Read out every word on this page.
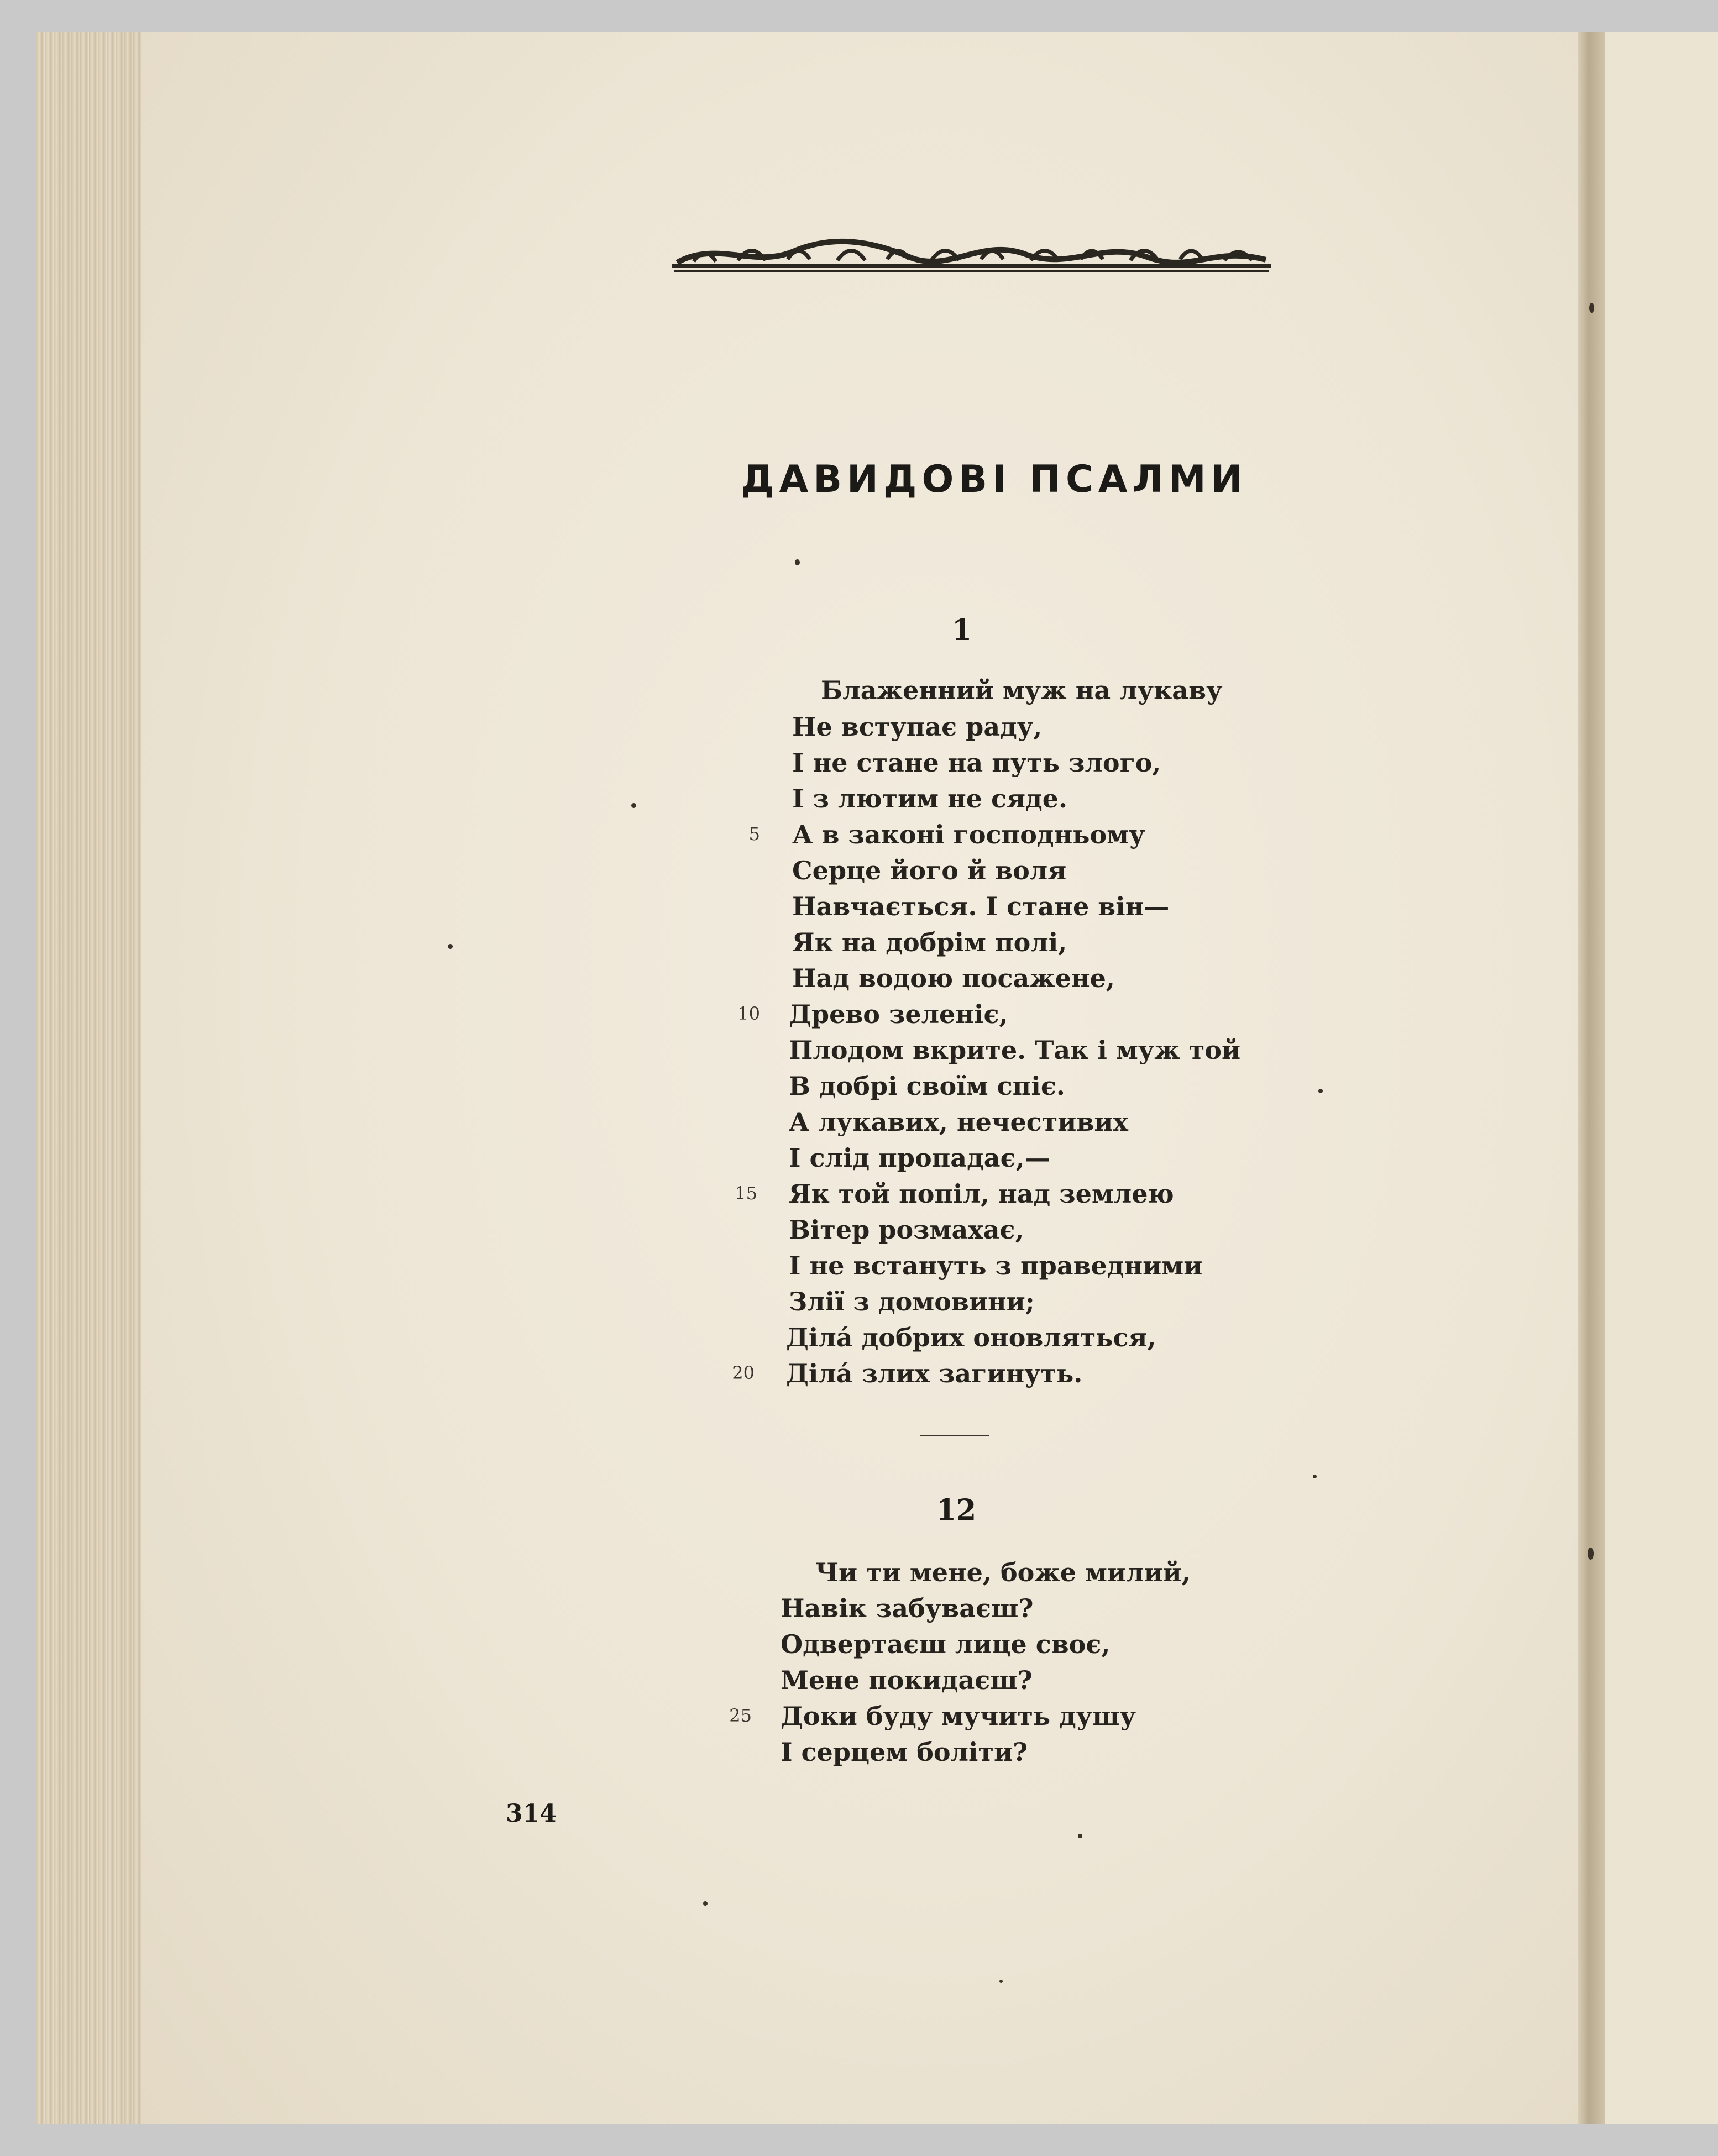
ДАВИДОВІ ПСАЛМИ
1
Блаженний муж на лукаву
Не вступає раду,
І не стане на путь злого,
І з лютим не сяде.
А в законі господньому
Серце його й воля
Навчається. І стане він—
Як на добрім полі,
Над водою посажене,
Древо зеленіє,
Плодом вкрите. Так і муж той
В добрі своїм спіє.
А лукавих, нечестивих
І слід пропадає,—
Як той попіл, над землею
Вітер розмахає,
І не встануть з праведними
Злії з домовини;
Ділá добрих оновляться,
Ділá злих загинуть.
5
10
15
20
12
Чи ти мене, боже милий,
Навік забуваєш?
Одвертаєш лице своє,
Мене покидаєш?
Доки буду мучить душу
І серцем боліти?
25
314
